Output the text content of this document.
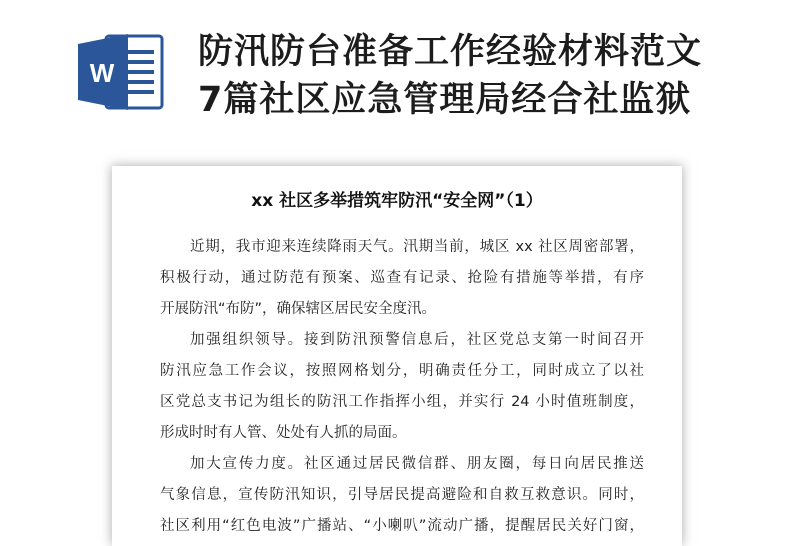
W
防汛防台准备工作经验材料范文
7篇社区应急管理局经合社监狱
xx 社区多举措筑牢防汛“安全网”（1）

近期，我市迎来连续降雨天气。汛期当前，城区 xx 社区周密部署，
积极行动，通过防范有预案、巡查有记录、抢险有措施等举措，有序
开展防汛“布防”，确保辖区居民安全度汛。

加强组织领导。接到防汛预警信息后，社区党总支第一时间召开
防汛应急工作会议，按照网格划分，明确责任分工，同时成立了以社
区党总支书记为组长的防汛工作指挥小组，并实行 24 小时值班制度，
形成时时有人管、处处有人抓的局面。

加大宣传力度。社区通过居民微信群、朋友圈，每日向居民推送
气象信息，宣传防汛知识，引导居民提高避险和自救互救意识。同时，
社区利用“红色电波”广播站、“小喇叭”流动广播，提醒居民关好门窗，
